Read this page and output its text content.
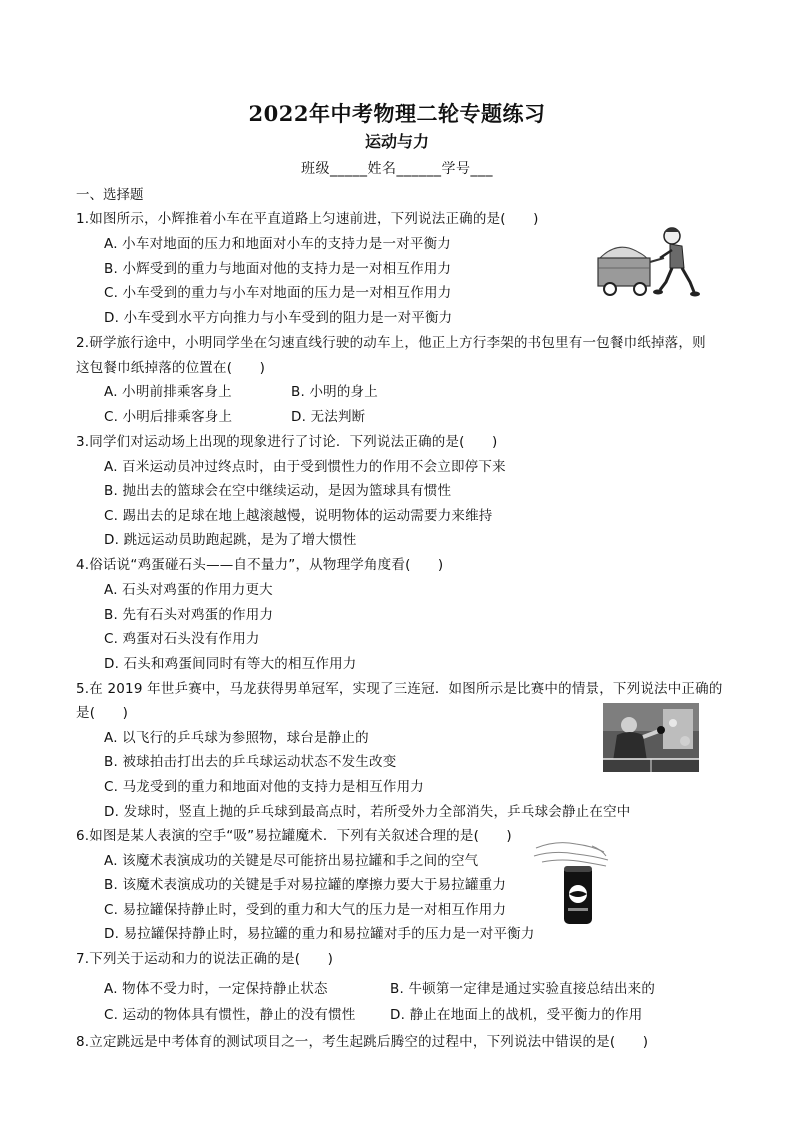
2022年中考物理二轮专题练习
运动与力
班级_____姓名______学号___
一、选择题
1.如图所示，小辉推着小车在平直道路上匀速前进，下列说法正确的是(　　)
A. 小车对地面的压力和地面对小车的支持力是一对平衡力
B. 小辉受到的重力与地面对他的支持力是一对相互作用力
C. 小车受到的重力与小车对地面的压力是一对相互作用力
D. 小车受到水平方向推力与小车受到的阻力是一对平衡力
2.研学旅行途中，小明同学坐在匀速直线行驶的动车上，他正上方行李架的书包里有一包餐巾纸掉落，则
这包餐巾纸掉落的位置在(　　)
A. 小明前排乘客身上	B. 小明的身上
C. 小明后排乘客身上	D. 无法判断
3.同学们对运动场上出现的现象进行了讨论．下列说法正确的是(　　)
A. 百米运动员冲过终点时，由于受到惯性力的作用不会立即停下来
B. 抛出去的篮球会在空中继续运动，是因为篮球具有惯性
C. 踢出去的足球在地上越滚越慢，说明物体的运动需要力来维持
D. 跳远运动员助跑起跳，是为了增大惯性
4.俗话说“鸡蛋碰石头——自不量力”，从物理学角度看(　　)
A. 石头对鸡蛋的作用力更大
B. 先有石头对鸡蛋的作用力
C. 鸡蛋对石头没有作用力
D. 石头和鸡蛋间同时有等大的相互作用力
5.在 2019 年世乒赛中，马龙获得男单冠军，实现了三连冠．如图所示是比赛中的情景，下列说法中正确的
是(　　)
A. 以飞行的乒乓球为参照物，球台是静止的
B. 被球拍击打出去的乒乓球运动状态不发生改变
C. 马龙受到的重力和地面对他的支持力是相互作用力
D. 发球时，竖直上抛的乒乓球到最高点时，若所受外力全部消失，乒乓球会静止在空中
6.如图是某人表演的空手“吸”易拉罐魔术．下列有关叙述合理的是(　　)
A. 该魔术表演成功的关键是尽可能挤出易拉罐和手之间的空气
B. 该魔术表演成功的关键是手对易拉罐的摩擦力要大于易拉罐重力
C. 易拉罐保持静止时，受到的重力和大气的压力是一对相互作用力
D. 易拉罐保持静止时，易拉罐的重力和易拉罐对手的压力是一对平衡力
7.下列关于运动和力的说法正确的是(　　)
A. 物体不受力时，一定保持静止状态	B. 牛顿第一定律是通过实验直接总结出来的
C. 运动的物体具有惯性，静止的没有惯性	D. 静止在地面上的战机，受平衡力的作用
8.立定跳远是中考体育的测试项目之一，考生起跳后腾空的过程中，下列说法中错误的是(　　)
